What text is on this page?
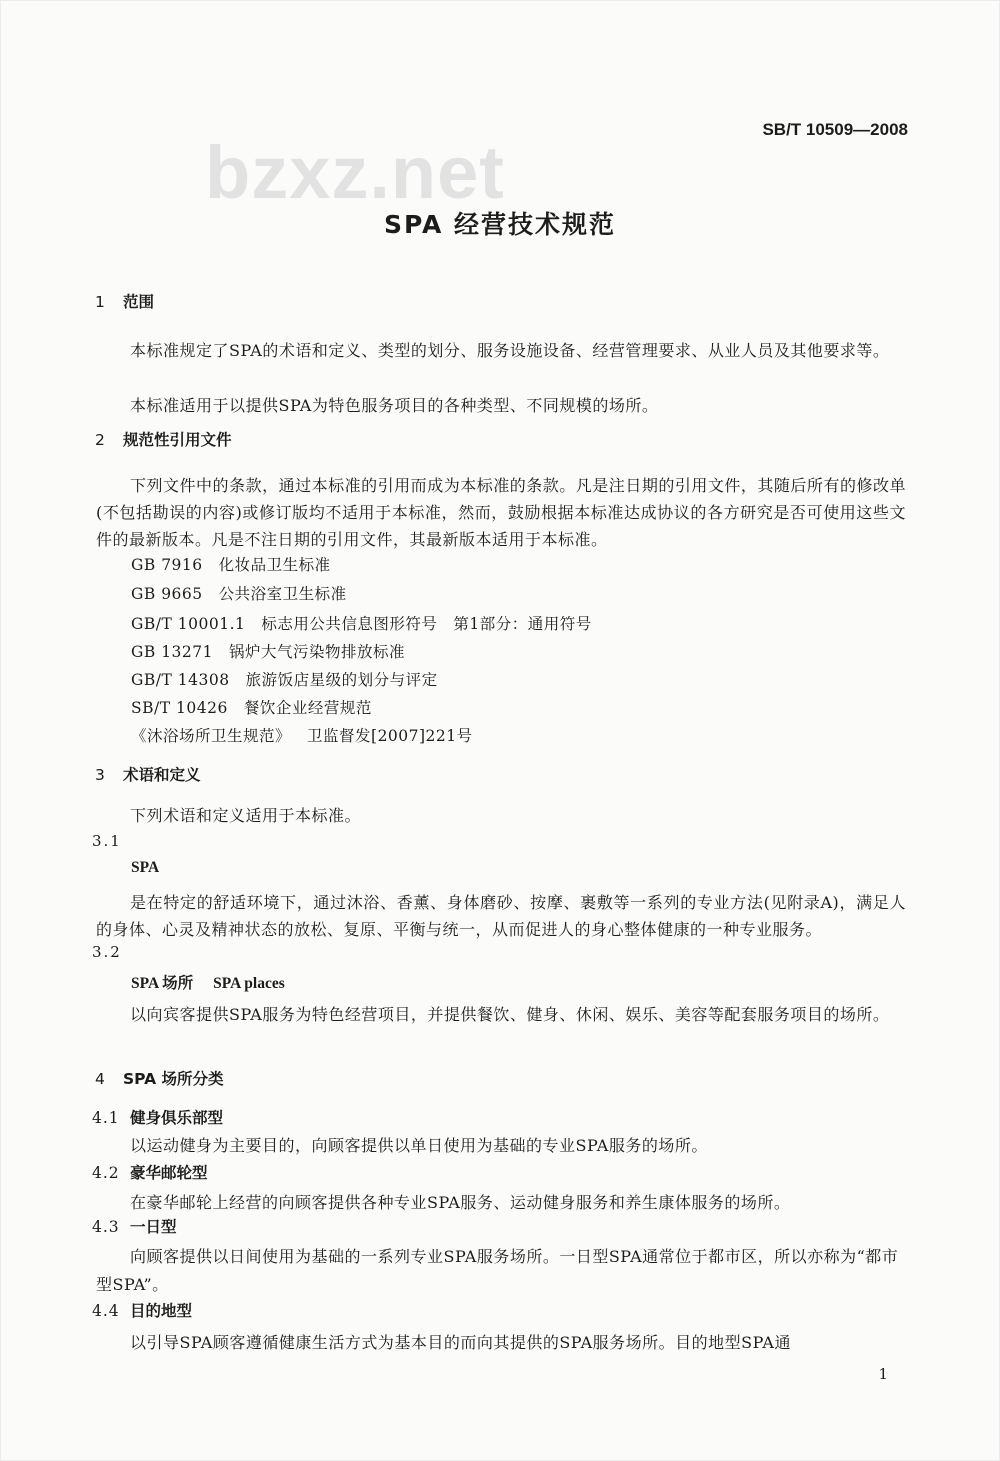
SB/T 10509—2008
bzxz.net
SPA 经营技术规范
1 范围
本标准规定了SPA的术语和定义、类型的划分、服务设施设备、经营管理要求、从业人员及其他要求等。
本标准适用于以提供SPA为特色服务项目的各种类型、不同规模的场所。
2 规范性引用文件
下列文件中的条款，通过本标准的引用而成为本标准的条款。凡是注日期的引用文件，其随后所有的修改单(不包括勘误的内容)或修订版均不适用于本标准，然而，鼓励根据本标准达成协议的各方研究是否可使用这些文件的最新版本。凡是不注日期的引用文件，其最新版本适用于本标准。
GB 7916 化妆品卫生标准
GB 9665 公共浴室卫生标准
GB/T 10001.1 标志用公共信息图形符号　第1部分：通用符号
GB 13271 锅炉大气污染物排放标准
GB/T 14308 旅游饭店星级的划分与评定
SB/T 10426 餐饮企业经营规范
《沐浴场所卫生规范》 卫监督发[2007]221号
3 术语和定义
下列术语和定义适用于本标准。
3.1
SPA
是在特定的舒适环境下，通过沐浴、香薰、身体磨砂、按摩、裹敷等一系列的专业方法(见附录A)，满足人的身体、心灵及精神状态的放松、复原、平衡与统一，从而促进人的身心整体健康的一种专业服务。
3.2
SPA 场所 SPA places
以向宾客提供SPA服务为特色经营项目，并提供餐饮、健身、休闲、娱乐、美容等配套服务项目的场所。
4 SPA 场所分类
4.1 健身俱乐部型
以运动健身为主要目的，向顾客提供以单日使用为基础的专业SPA服务的场所。
4.2 豪华邮轮型
在豪华邮轮上经营的向顾客提供各种专业SPA服务、运动健身服务和养生康体服务的场所。
4.3 一日型
向顾客提供以日间使用为基础的一系列专业SPA服务场所。一日型SPA通常位于都市区，所以亦称为“都市型SPA”。
4.4 目的地型
以引导SPA顾客遵循健康生活方式为基本目的而向其提供的SPA服务场所。目的地型SPA通
1
